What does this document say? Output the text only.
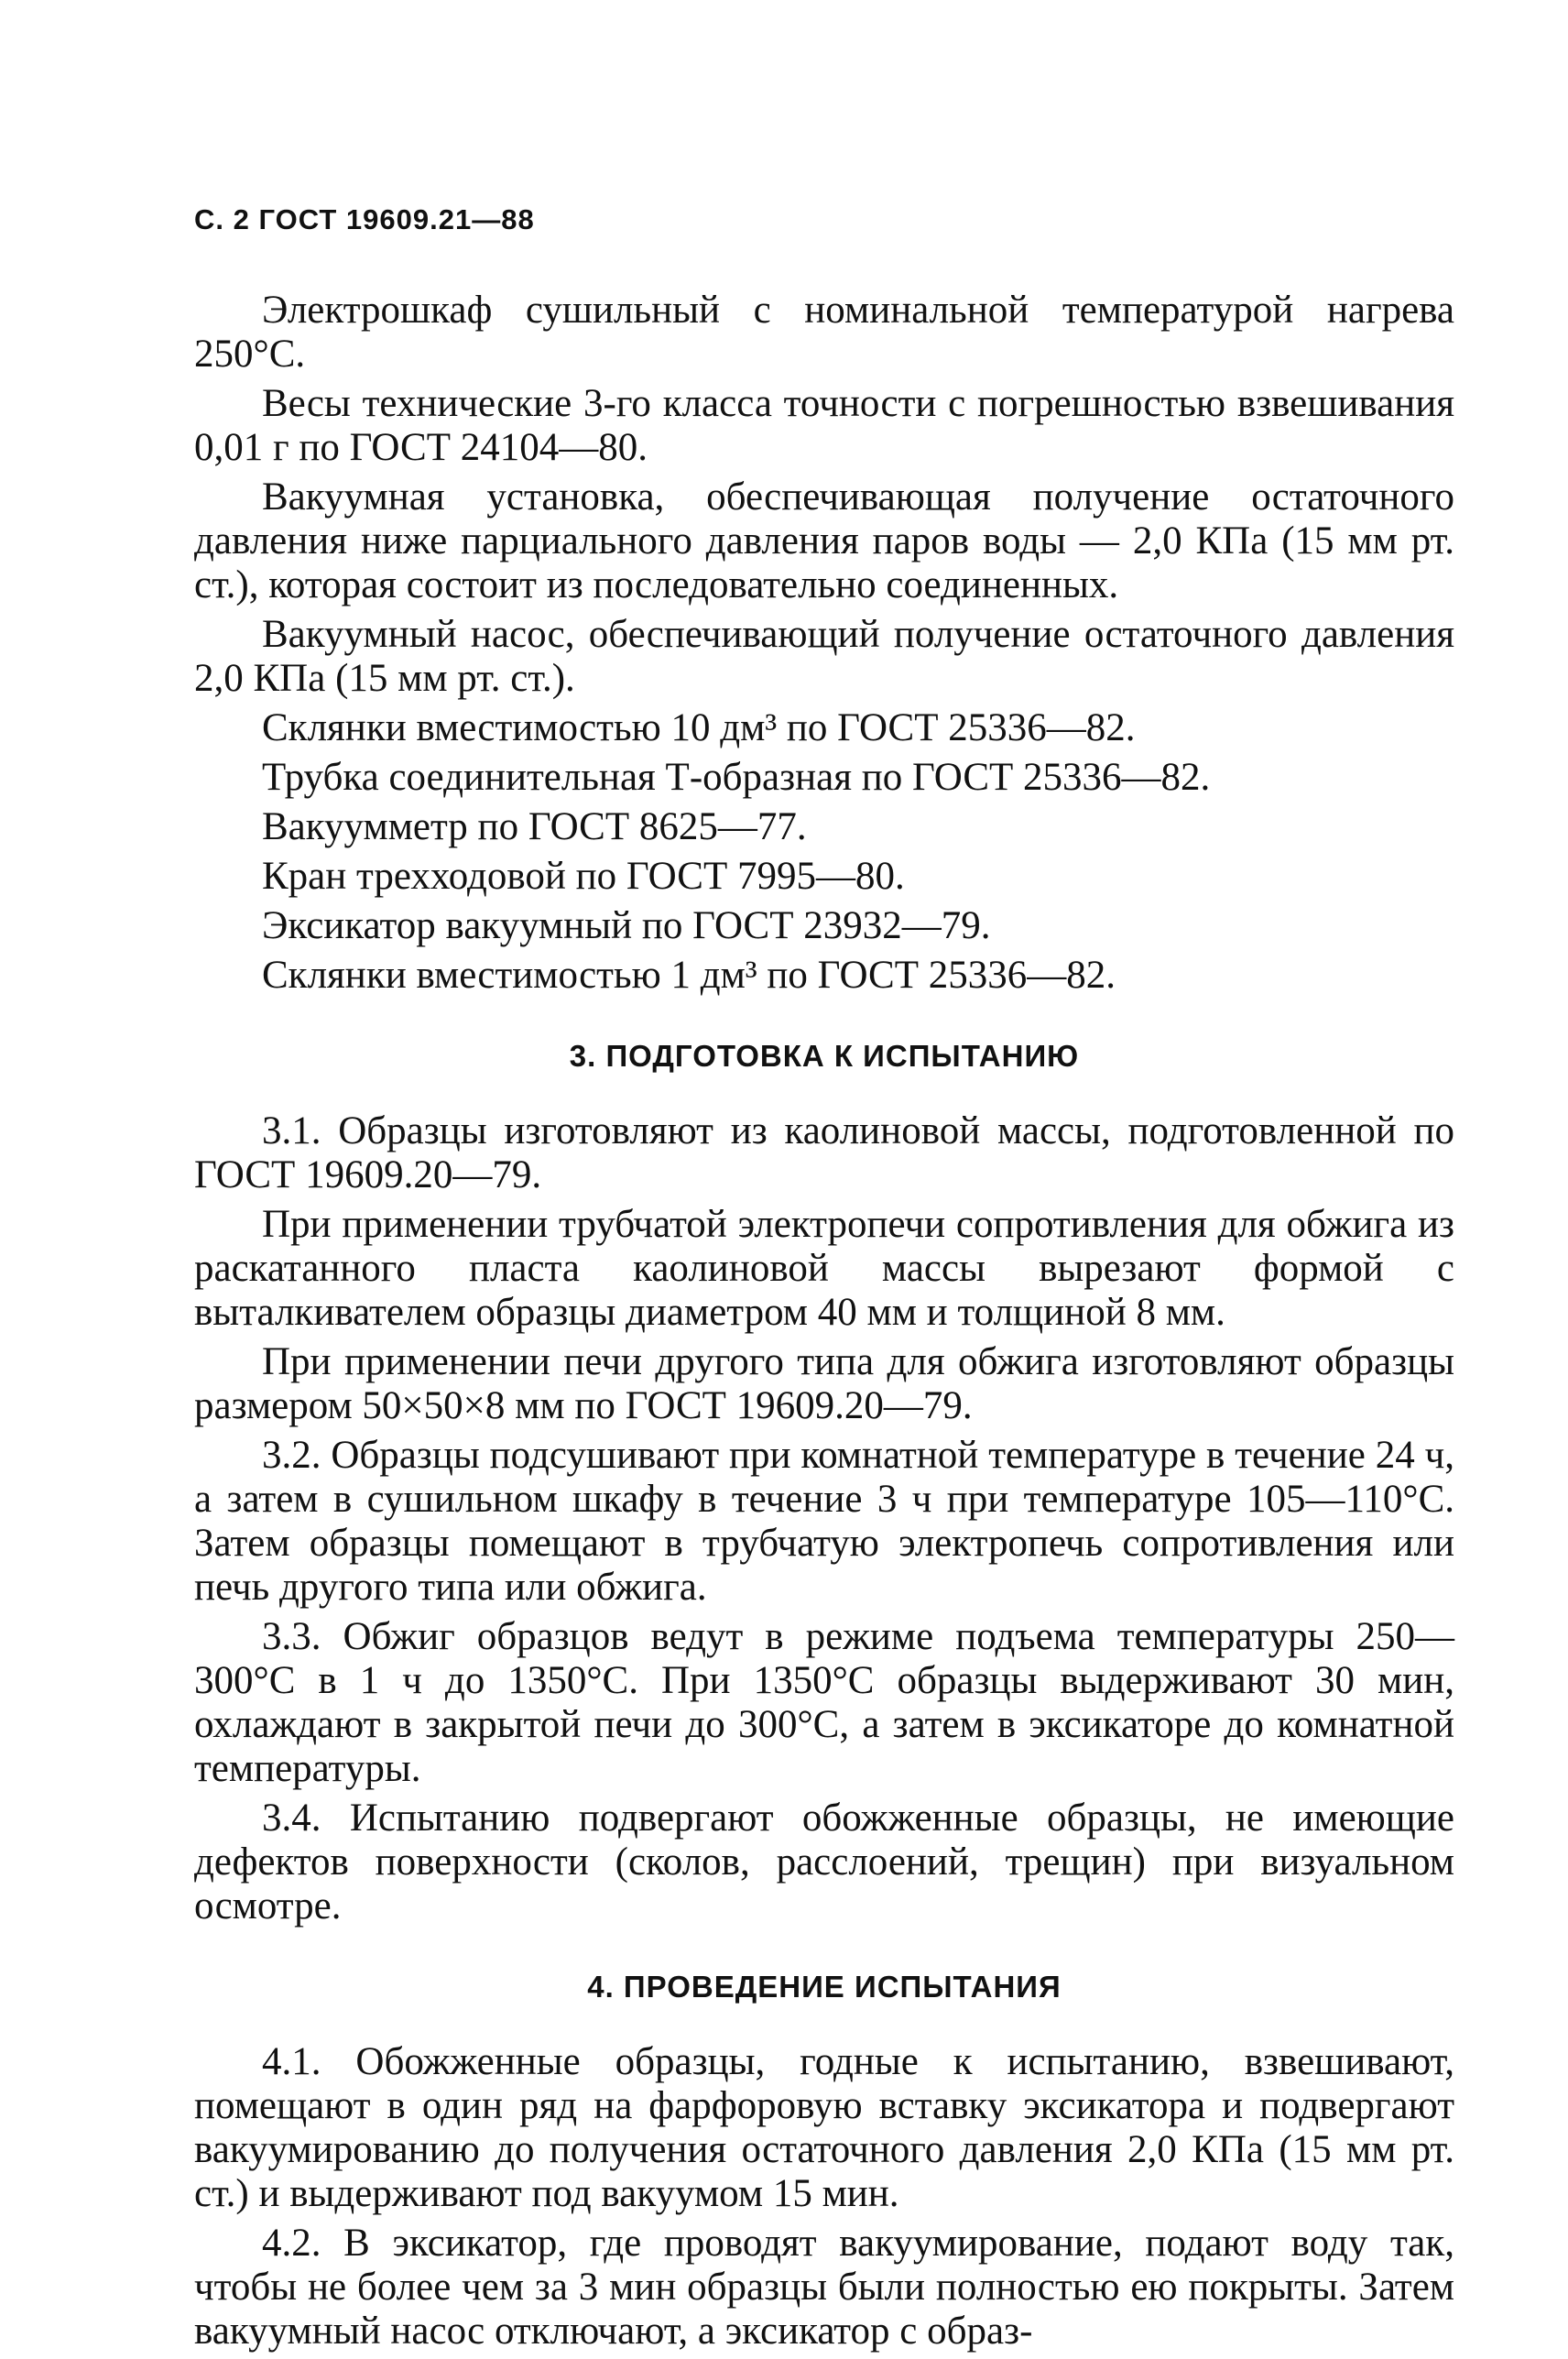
С. 2 ГОСТ 19609.21—88

Электрошкаф сушильный с номинальной температурой нагрева 250°С.

Весы технические 3-го класса точности с погрешностью взвешивания 0,01 г по ГОСТ 24104—80.

Вакуумная установка, обеспечивающая получение остаточного давления ниже парциального давления паров воды — 2,0 КПа (15 мм рт. ст.), которая состоит из последовательно соединенных.

Вакуумный насос, обеспечивающий получение остаточного давления 2,0 КПа (15 мм рт. ст.).

Склянки вместимостью 10 дм³ по ГОСТ 25336—82.

Трубка соединительная Т-образная по ГОСТ 25336—82.

Вакуумметр по ГОСТ 8625—77.

Кран трехходовой по ГОСТ 7995—80.

Эксикатор вакуумный по ГОСТ 23932—79.

Склянки вместимостью 1 дм³ по ГОСТ 25336—82.

3. ПОДГОТОВКА К ИСПЫТАНИЮ

3.1. Образцы изготовляют из каолиновой массы, подготовленной по ГОСТ 19609.20—79.

При применении трубчатой электропечи сопротивления для обжига из раскатанного пласта каолиновой массы вырезают формой с выталкивателем образцы диаметром 40 мм и толщиной 8 мм.

При применении печи другого типа для обжига изготовляют образцы размером 50×50×8 мм по ГОСТ 19609.20—79.

3.2. Образцы подсушивают при комнатной температуре в течение 24 ч, а затем в сушильном шкафу в течение 3 ч при температуре 105—110°С. Затем образцы помещают в трубчатую электропечь сопротивления или печь другого типа или обжига.

3.3. Обжиг образцов ведут в режиме подъема температуры 250—300°С в 1 ч до 1350°С. При 1350°С образцы выдерживают 30 мин, охлаждают в закрытой печи до 300°С, а затем в эксикаторе до комнатной температуры.

3.4. Испытанию подвергают обожженные образцы, не имеющие дефектов поверхности (сколов, расслоений, трещин) при визуальном осмотре.

4. ПРОВЕДЕНИЕ ИСПЫТАНИЯ

4.1. Обожженные образцы, годные к испытанию, взвешивают, помещают в один ряд на фарфоровую вставку эксикатора и подвергают вакуумированию до получения остаточного давления 2,0 КПа (15 мм рт. ст.) и выдерживают под вакуумом 15 мин.

4.2. В эксикатор, где проводят вакуумирование, подают воду так, чтобы не более чем за 3 мин образцы были полностью ею покрыты. Затем вакуумный насос отключают, а эксикатор с образ-
